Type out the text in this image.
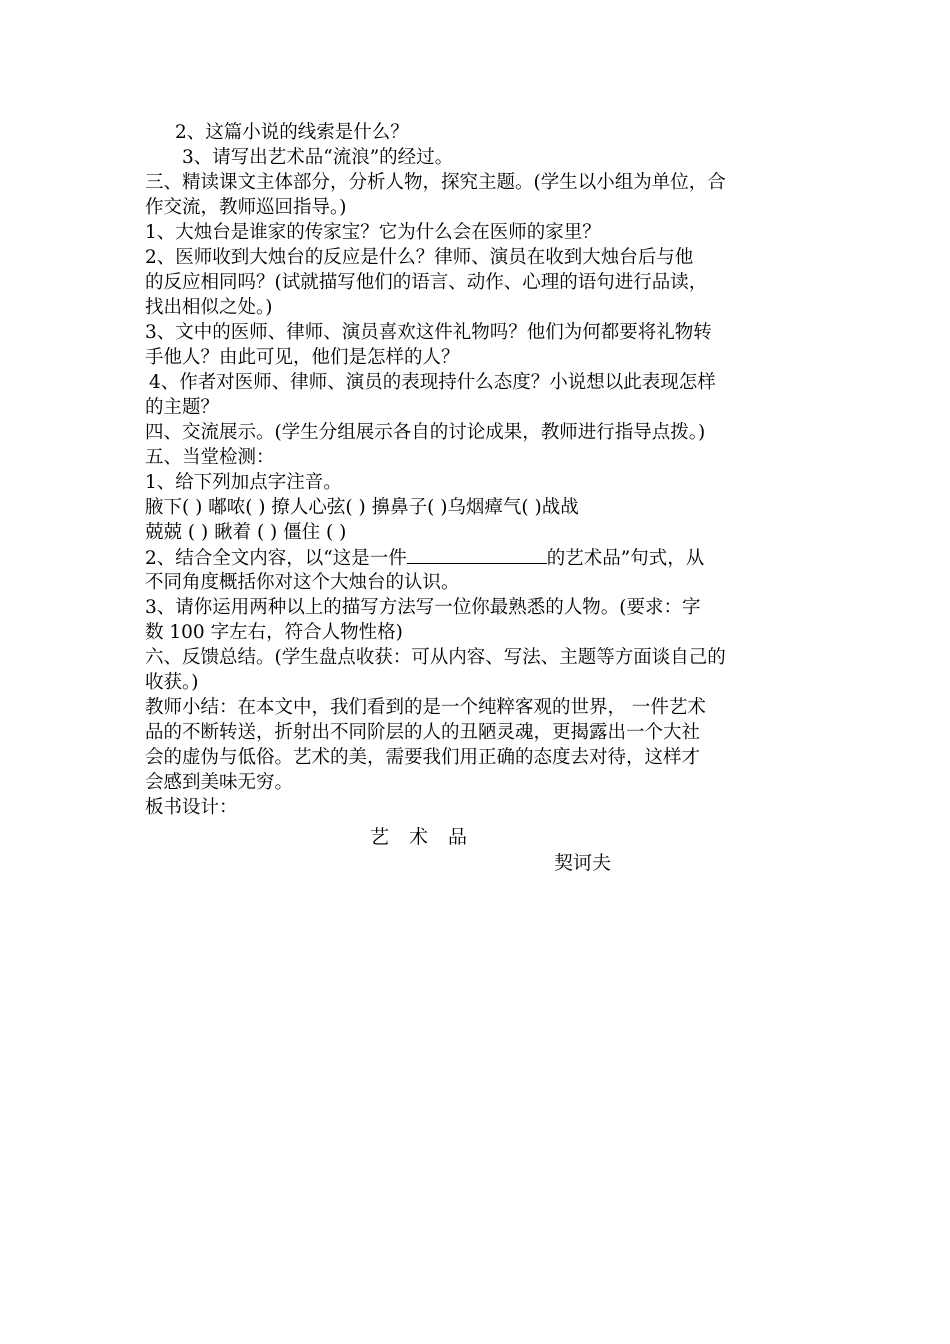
2、这篇小说的线索是什么？
3、请写出艺术品“流浪”的经过。
三、精读课文主体部分，分析人物，探究主题。(学生以小组为单位，合
作交流，教师巡回指导。)
1、大烛台是谁家的传家宝？它为什么会在医师的家里？
2、医师收到大烛台的反应是什么？律师、演员在收到大烛台后与他
的反应相同吗？(试就描写他们的语言、动作、心理的语句进行品读，
找出相似之处。)
3、文中的医师、律师、演员喜欢这件礼物吗？他们为何都要将礼物转
手他人？由此可见，他们是怎样的人？
4、作者对医师、律师、演员的表现持什么态度？小说想以此表现怎样
的主题？
四、交流展示。(学生分组展示各自的讨论成果，教师进行指导点拨。)
五、当堂检测：
1、给下列加点字注音。
腋下( ) 嘟哝( ) 撩人心弦( ) 擤鼻子( )乌烟瘴气( )战战
兢兢 ( ) 瞅着 ( ) 僵住 ( )
2、结合全文内容，以“这是一件	的艺术品”句式，从
不同角度概括你对这个大烛台的认识。
3、请你运用两种以上的描写方法写一位你最熟悉的人物。(要求：字
数 100 字左右，符合人物性格)
六、反馈总结。(学生盘点收获：可从内容、写法、主题等方面谈自己的
收获。)
教师小结：在本文中，我们看到的是一个纯粹客观的世界， 一件艺术
品的不断转送，折射出不同阶层的人的丑陋灵魂，更揭露出一个大社
会的虚伪与低俗。艺术的美，需要我们用正确的态度去对待，这样才
会感到美味无穷。
板书设计：
艺术品
契诃夫
